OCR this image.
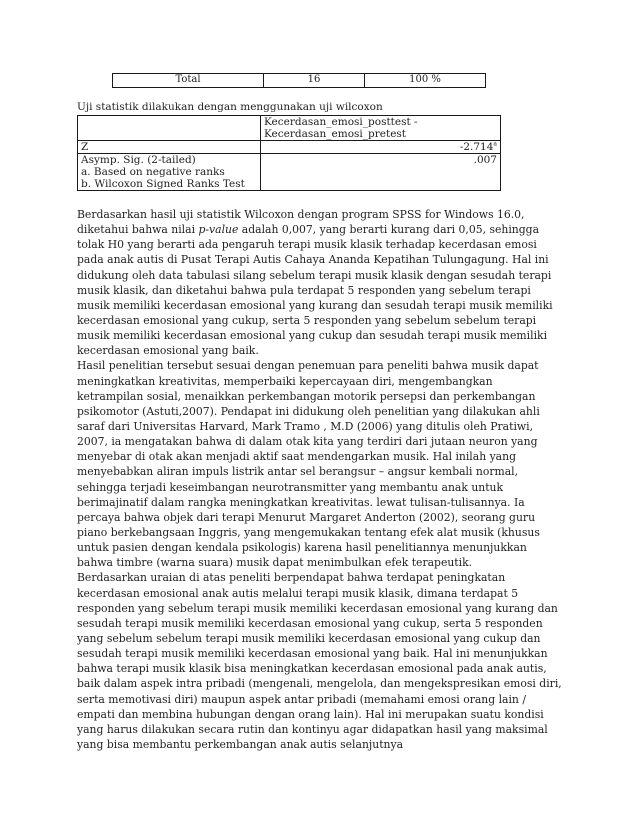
Total	16	100 %
Uji statistik dilakukan dengan menggunakan uji wilcoxon

	Kecerdasan_emosi_posttest -
Kecerdasan_emosi_pretest

Z	-2.714$^a$

Asymp. Sig. (2-tailed)
a. Based on negative ranks
b. Wilcoxon Signed Ranks Test	.007
Berdasarkan hasil uji statistik Wilcoxon dengan program SPSS for Windows 16.0,
diketahui bahwa nilai p-value adalah 0,007, yang berarti kurang dari 0,05, sehingga
tolak H0 yang berarti ada pengaruh terapi musik klasik terhadap kecerdasan emosi
pada anak autis di Pusat Terapi Autis Cahaya Ananda Kepatihan Tulungagung. Hal ini
didukung oleh data tabulasi silang sebelum terapi musik klasik dengan sesudah terapi
musik klasik, dan diketahui bahwa pula terdapat 5 responden yang sebelum terapi
musik memiliki kecerdasan emosional yang kurang dan sesudah terapi musik memiliki
kecerdasan emosional yang cukup, serta 5 responden yang sebelum sebelum terapi
musik memiliki kecerdasan emosional yang cukup dan sesudah terapi musik memiliki
kecerdasan emosional yang baik.
Hasil penelitian tersebut sesuai dengan penemuan para peneliti bahwa musik dapat
meningkatkan kreativitas, memperbaiki kepercayaan diri, mengembangkan
ketrampilan sosial, menaikkan perkembangan motorik persepsi dan perkembangan
psikomotor (Astuti,2007). Pendapat ini didukung oleh penelitian yang dilakukan ahli
saraf dari Universitas Harvard, Mark Tramo , M.D (2006) yang ditulis oleh Pratiwi,
2007, ia mengatakan bahwa di dalam otak kita yang terdiri dari jutaan neuron yang
menyebar di otak akan menjadi aktif saat mendengarkan musik. Hal inilah yang
menyebabkan aliran impuls listrik antar sel berangsur – angsur kembali normal,
sehingga terjadi keseimbangan neurotransmitter yang membantu anak untuk
berimajinatif dalam rangka meningkatkan kreativitas. lewat tulisan-tulisannya. Ia
percaya bahwa objek dari terapi Menurut Margaret Anderton (2002), seorang guru
piano berkebangsaan Inggris, yang mengemukakan tentang efek alat musik (khusus
untuk pasien dengan kendala psikologis) karena hasil penelitiannya menunjukkan
bahwa timbre (warna suara) musik dapat menimbulkan efek terapeutik.
Berdasarkan uraian di atas peneliti berpendapat bahwa terdapat peningkatan
kecerdasan emosional anak autis melalui terapi musik klasik, dimana terdapat 5
responden yang sebelum terapi musik memiliki kecerdasan emosional yang kurang dan
sesudah terapi musik memiliki kecerdasan emosional yang cukup, serta 5 responden
yang sebelum sebelum terapi musik memiliki kecerdasan emosional yang cukup dan
sesudah terapi musik memiliki kecerdasan emosional yang baik. Hal ini menunjukkan
bahwa terapi musik klasik bisa meningkatkan kecerdasan emosional pada anak autis,
baik dalam aspek intra pribadi (mengenali, mengelola, dan mengekspresikan emosi diri,
serta memotivasi diri) maupun aspek antar pribadi (memahami emosi orang lain /
empati dan membina hubungan dengan orang lain). Hal ini merupakan suatu kondisi
yang harus dilakukan secara rutin dan kontinyu agar didapatkan hasil yang maksimal
yang bisa membantu perkembangan anak autis selanjutnya
